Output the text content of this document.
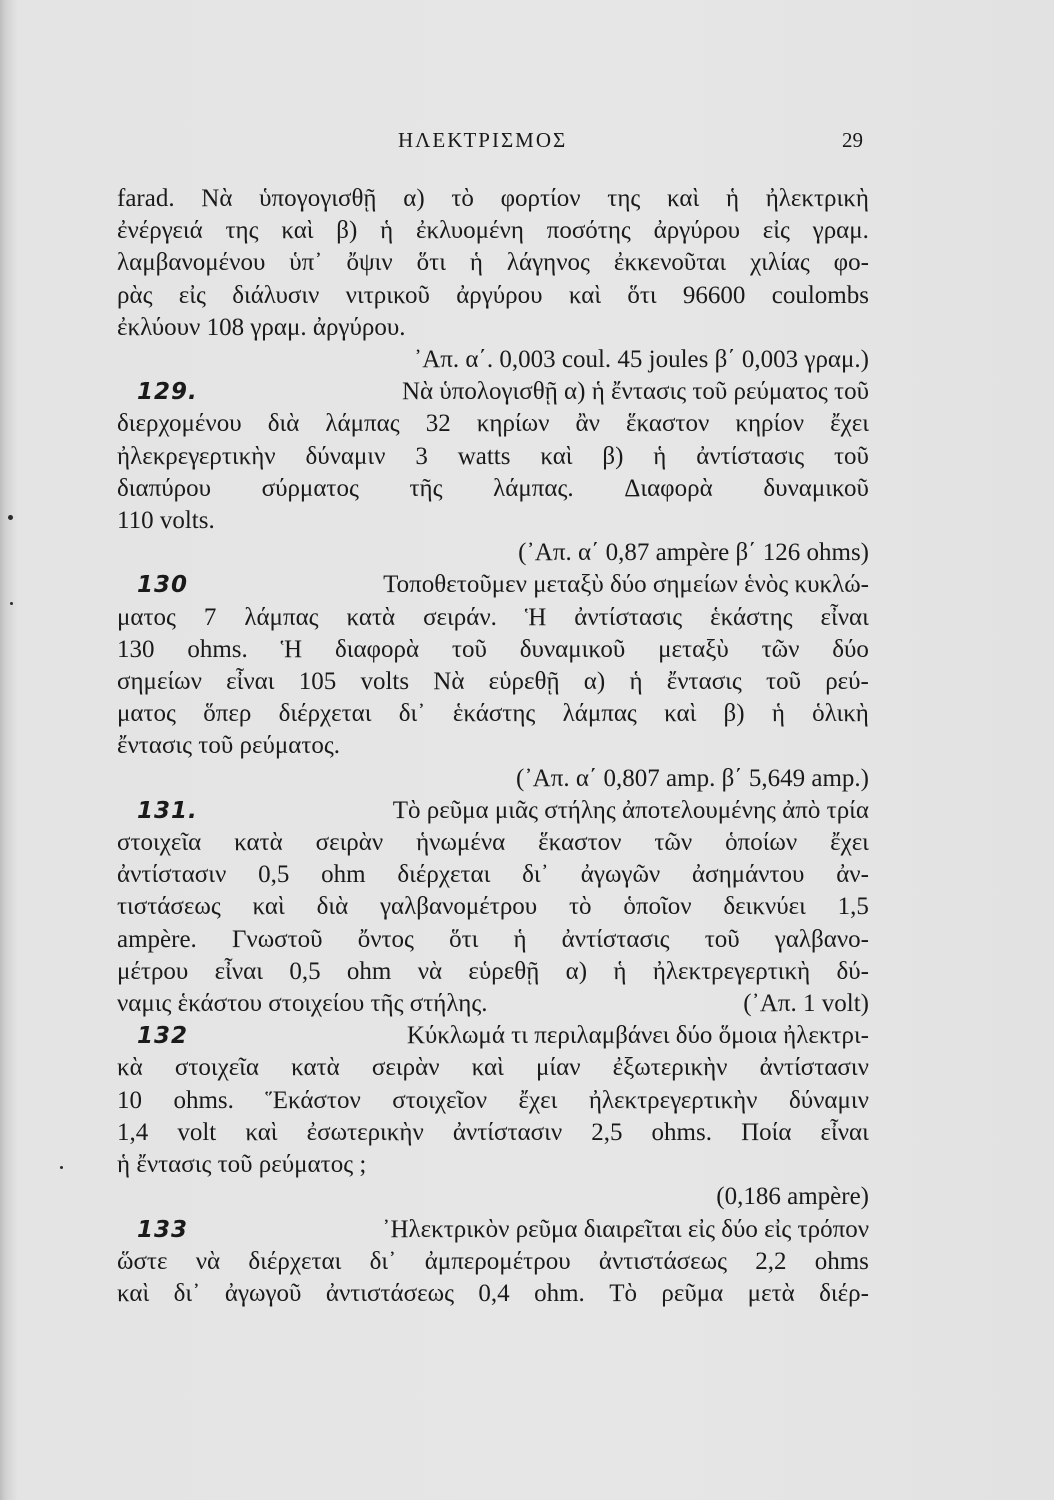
ΗΛΕΚΤΡΙΣΜΟΣ	29
farad. Νὰ ὑπογογισθῇ α) τὸ φορτίον της καὶ ἡ ἠλεκτρικὴ
ἐνέργειά της καὶ β) ἡ ἐκλυομένη ποσότης ἀργύρου εἰς γραμ.
λαμβανομένου ὑπ᾽ ὄψιν ὅτι ἡ λάγηνος ἐκκενοῦται χιλίας φο-
ρὰς εἰς διάλυσιν νιτρικοῦ ἀργύρου καὶ ὅτι 96600 coulombs
ἐκλύουν 108 γραμ. ἀργύρου.
᾽Απ. α΄. 0,003 coul. 45 joules β΄ 0,003 γραμ.)
129.	Νὰ ὑπολογισθῇ α) ἡ ἔντασις τοῦ ρεύματος τοῦ
διερχομένου διὰ λάμπας 32 κηρίων ἂν ἕκαστον κηρίον ἔχει
ἠλεκρεγερτικὴν δύναμιν 3 watts καὶ β) ἡ ἀντίστασις τοῦ
διαπύρου σύρματος τῆς λάμπας. Διαφορὰ δυναμικοῦ
110 volts.
(᾽Απ. α΄ 0,87 ampère β΄ 126 ohms)
130	Τοποθετοῦμεν μεταξὺ δύο σημείων ἑνὸς κυκλώ-
ματος 7 λάμπας κατὰ σειράν. Ἡ ἀντίστασις ἑκάστης εἶναι
130 ohms. Ἡ διαφορὰ τοῦ δυναμικοῦ μεταξὺ τῶν δύο
σημείων εἶναι 105 volts Νὰ εὑρεθῇ α) ἡ ἔντασις τοῦ ρεύ-
ματος ὅπερ διέρχεται δι᾽ ἑκάστης λάμπας καὶ β) ἡ ὁλικὴ
ἔντασις τοῦ ρεύματος.
(᾽Απ. α΄ 0,807 amp. β΄ 5,649 amp.)
131.	Τὸ ρεῦμα μιᾶς στήλης ἀποτελουμένης ἀπὸ τρία
στοιχεῖα κατὰ σειρὰν ἡνωμένα ἕκαστον τῶν ὁποίων ἔχει
ἀντίστασιν 0,5 ohm διέρχεται δι᾽ ἀγωγῶν ἀσημάντου ἀν-
τιστάσεως καὶ διὰ γαλβανομέτρου τὸ ὁποῖον δεικνύει 1,5
ampère. Γνωστοῦ ὄντος ὅτι ἡ ἀντίστασις τοῦ γαλβανο-
μέτρου εἶναι 0,5 ohm νὰ εὑρεθῇ α) ἡ ἠλεκτρεγερτικὴ δύ-
ναμις ἑκάστου στοιχείου τῆς στήλης.	(᾽Απ. 1 volt)
132	Κύκλωμά τι περιλαμβάνει δύο ὅμοια ἠλεκτρι-
κὰ στοιχεῖα κατὰ σειρὰν καὶ μίαν ἐξωτερικὴν ἀντίστασιν
10 ohms. Ἕκάστον στοιχεῖον ἔχει ἠλεκτρεγερτικὴν δύναμιν
1,4 volt καὶ ἐσωτερικὴν ἀντίστασιν 2,5 ohms. Ποία εἶναι
ἡ ἔντασις τοῦ ρεύματος ;
(0,186 ampère)
133	᾽Ηλεκτρικὸν ρεῦμα διαιρεῖται εἰς δύο εἰς τρόπον
ὥστε νὰ διέρχεται δι᾽ ἀμπερομέτρου ἀντιστάσεως 2,2 ohms
καὶ δι᾽ ἀγωγοῦ ἀντιστάσεως 0,4 ohm. Τὸ ρεῦμα μετὰ διέρ-
